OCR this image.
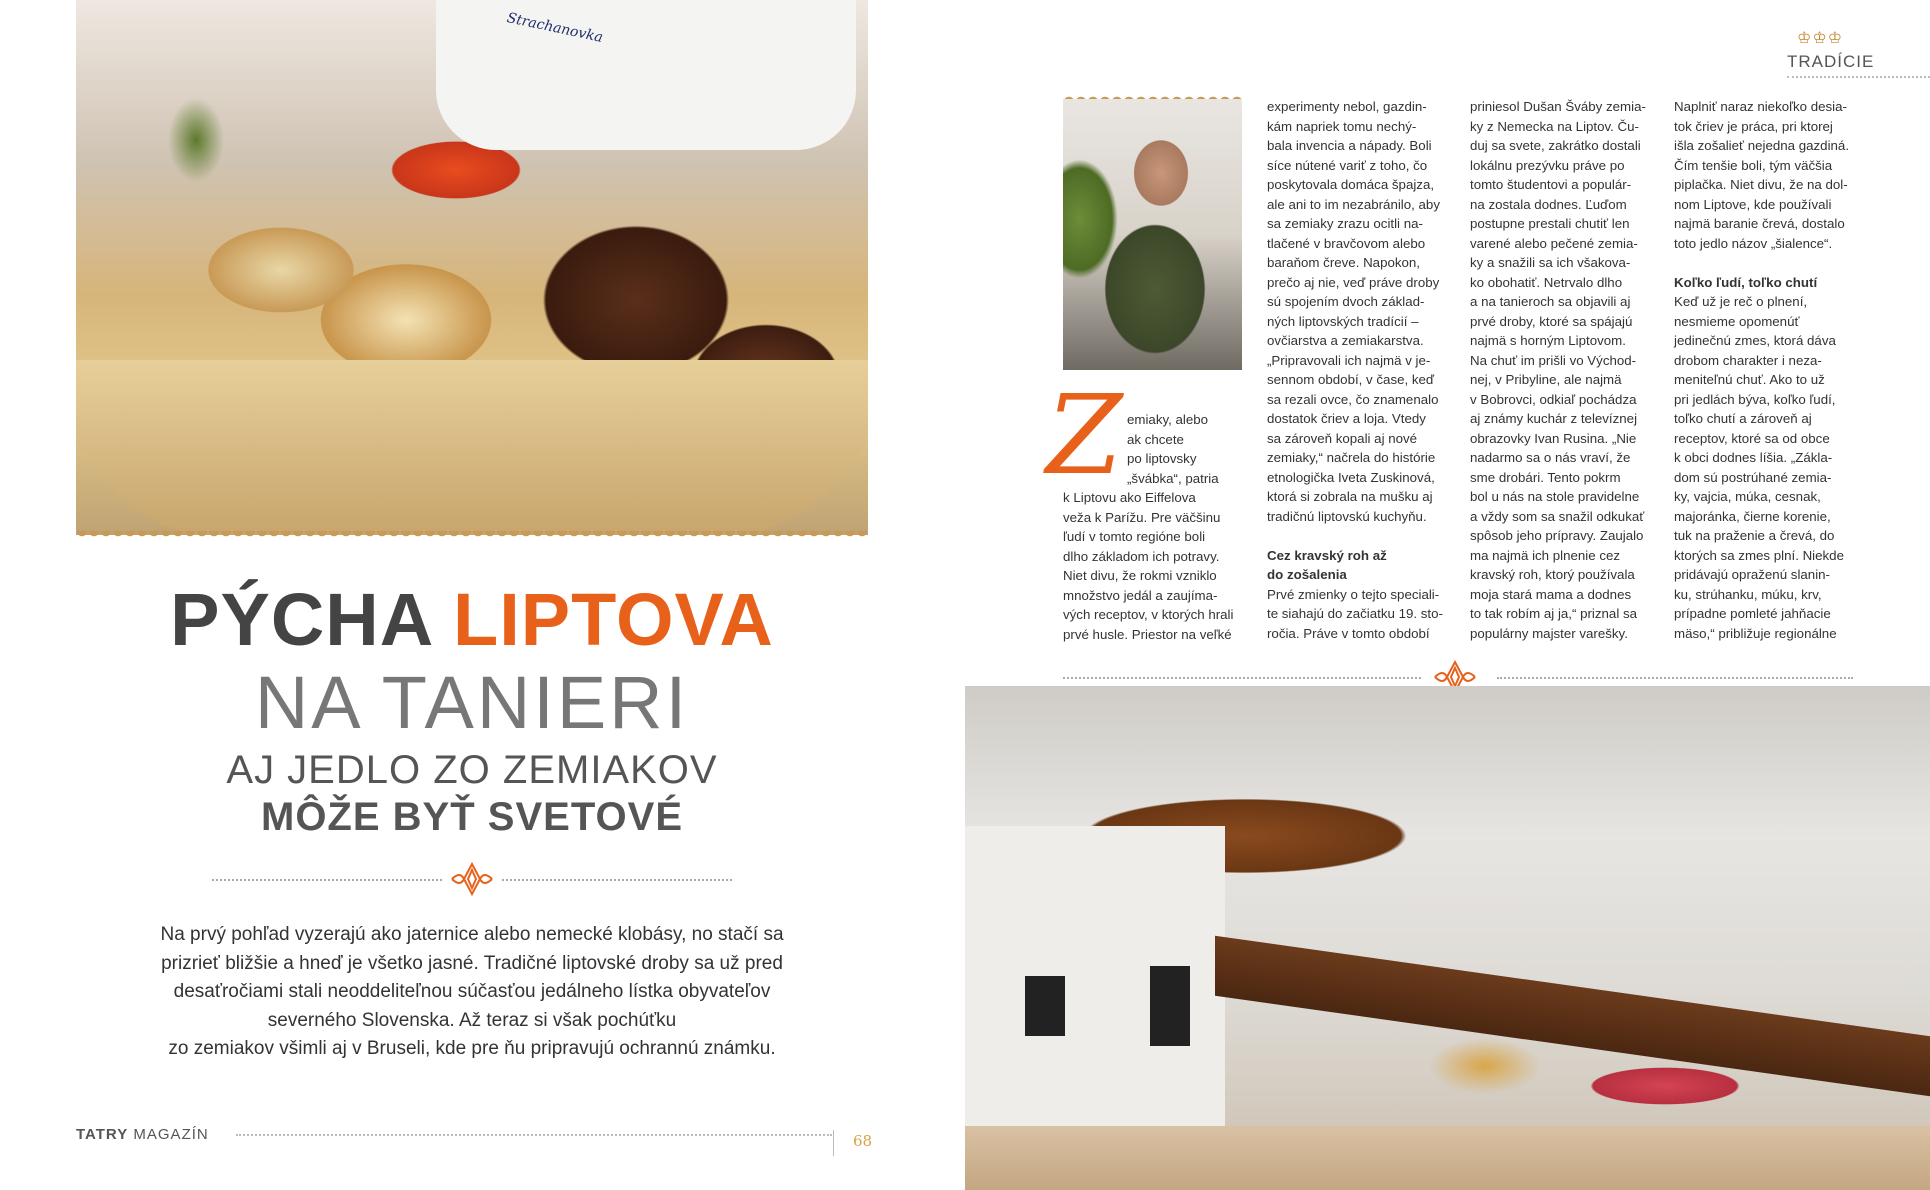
Strachanovka
PÝCHA LIPTOVA
NA TANIERI
AJ JEDLO ZO ZEMIAKOV
MÔŽE BYŤ SVETOVÉ
Na prvý pohľad vyzerajú ako jaternice alebo nemecké klobásy, no stačí sa
prizrieť bližšie a hneď je všetko jasné. Tradičné liptovské droby sa už pred
desaťročiami stali neoddeliteľnou súčasťou jedálneho lístka obyvateľov
severného Slovenska. Až teraz si však pochúťku
zo zemiakov všimli aj v Bruseli, kde pre ňu pripravujú ochrannú známku.
TATRY MAGAZÍN	68
♔♔♔
TRADÍCIE
Z emiaky, alebo
ak chcete
po liptovsky
„švábka“, patria
k Liptovu ako Eiffelova
veža k Parížu. Pre väčšinu
ľudí v tomto regióne boli
dlho základom ich potravy.
Niet divu, že rokmi vzniklo
množstvo jedál a zaujíma-
vých receptov, v ktorých hrali
prvé husle. Priestor na veľké
experimenty nebol, gazdin-
kám napriek tomu nechý-
bala invencia a nápady. Boli
síce nútené variť z toho, čo
poskytovala domáca špajza,
ale ani to im nezabránilo, aby
sa zemiaky zrazu ocitli na-
tlačené v bravčovom alebo
baraňom čreve. Napokon,
prečo aj nie, veď práve droby
sú spojením dvoch základ-
ných liptovských tradícií –
ovčiarstva a zemiakarstva.
„Pripravovali ich najmä v je-
sennom období, v čase, keď
sa rezali ovce, čo znamenalo
dostatok čriev a loja. Vtedy
sa zároveň kopali aj nové
zemiaky,“ načrela do histórie
etnologička Iveta Zuskinová,
ktorá si zobrala na mušku aj
tradičnú liptovskú kuchyňu.

Cez kravský roh až
do zošalenia
Prvé zmienky o tejto speciali-
te siahajú do začiatku 19. sto-
ročia. Práve v tomto období
priniesol Dušan Šváby zemia-
ky z Nemecka na Liptov. Ču-
duj sa svete, zakrátko dostali
lokálnu prezývku práve po
tomto študentovi a populár-
na zostala dodnes. Ľuďom
postupne prestali chutiť len
varené alebo pečené zemia-
ky a snažili sa ich všakova-
ko obohatiť. Netrvalo dlho
a na tanieroch sa objavili aj
prvé droby, ktoré sa spájajú
najmä s horným Liptovom.
Na chuť im prišli vo Východ-
nej, v Pribyline, ale najmä
v Bobrovci, odkiaľ pochádza
aj známy kuchár z televíznej
obrazovky Ivan Rusina. „Nie
nadarmo sa o nás vraví, že
sme drobári. Tento pokrm
bol u nás na stole pravidelne
a vždy som sa snažil odkukať
spôsob jeho prípravy. Zaujalo
ma najmä ich plnenie cez
kravský roh, ktorý používala
moja stará mama a dodnes
to tak robím aj ja,“ priznal sa
populárny majster varešky.
Naplniť naraz niekoľko desia-
tok čriev je práca, pri ktorej
išla zošalieť nejedna gazdiná.
Čím tenšie boli, tým väčšia
piplačka. Niet divu, že na dol-
nom Liptove, kde používali
najmä baranie črevá, dostalo
toto jedlo názov „šialence“.

Koľko ľudí, toľko chutí
Keď už je reč o plnení,
nesmieme opomenúť
jedinečnú zmes, ktorá dáva
drobom charakter i neza-
meniteľnú chuť. Ako to už
pri jedlách býva, koľko ľudí,
toľko chutí a zároveň aj
receptov, ktoré sa od obce
k obci dodnes líšia. „Zákla-
dom sú postrúhané zemia-
ky, vajcia, múka, cesnak,
majoránka, čierne korenie,
tuk na praženie a črevá, do
ktorých sa zmes plní. Niekde
pridávajú opraženú slanin-
ku, strúhanku, múku, krv,
prípadne pomleté jahňacie
mäso,“ približuje regionálne
